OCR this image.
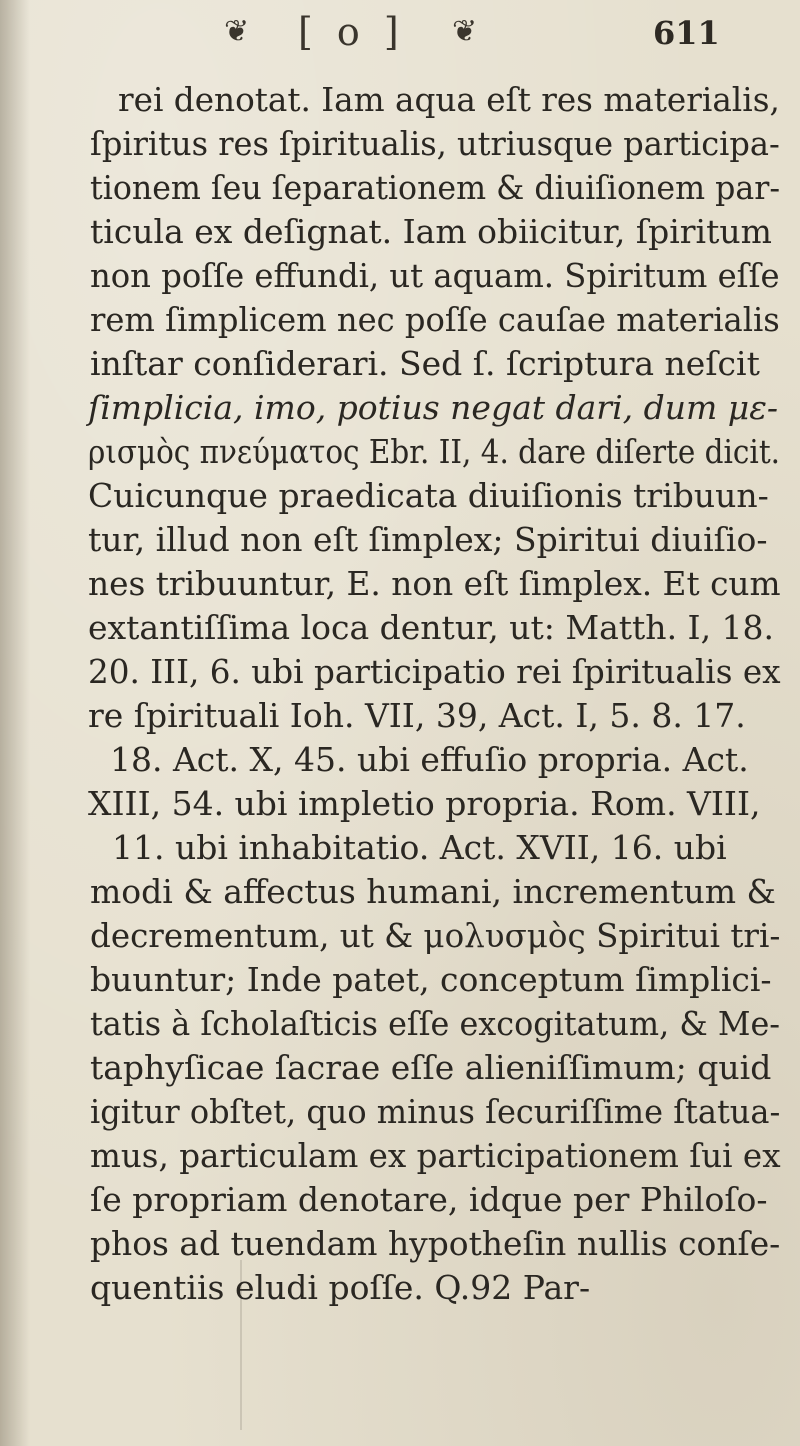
❦ [ o ] ❦	611
rei denotat. Iam aqua eſt res materialis,
ſpiritus res ſpiritualis, utriusque participa-
tionem ſeu ſeparationem & diuiſionem par-
ticula ex deſignat. Iam obiicitur, ſpiritum
non poſſe effundi, ut aquam. Spiritum eſſe
rem ſimplicem nec poſſe cauſae materialis
inſtar conſiderari. Sed ſ. ſcriptura neſcit
ſimplicia, imo, potius negat dari, dum με-
ρισμὸς πνεύματος Ebr. II, 4. dare diſerte dicit.
Cuicunque praedicata diuiſionis tribuun-
tur, illud non eſt ſimplex; Spiritui diuiſio-
nes tribuuntur, E. non eſt ſimplex. Et cum
extantiſſima loca dentur, ut: Matth. I, 18.
20. III, 6. ubi participatio rei ſpiritualis ex
re ſpirituali Ioh. VII, 39, Act. I, 5. 8. 17.
18. Act. X, 45. ubi effuſio propria. Act.
XIII, 54. ubi impletio propria. Rom. VIII,
11. ubi inhabitatio. Act. XVII, 16. ubi
modi & affectus humani, incrementum &
decrementum, ut & μολυσμὸς Spiritui tri-
buuntur; Inde patet, conceptum ſimplici-
tatis à ſcholaſticis eſſe excogitatum, & Me-
taphyſicae ſacrae eſſe alieniſſimum; quid
igitur obſtet, quo minus ſecuriſſime ſtatua-
mus, particulam ex participationem ſui ex
ſe propriam denotare, idque per Philoſo-
phos ad tuendam hypotheſin nullis conſe-
quentiis eludi poſſe. Q.92 Par-
